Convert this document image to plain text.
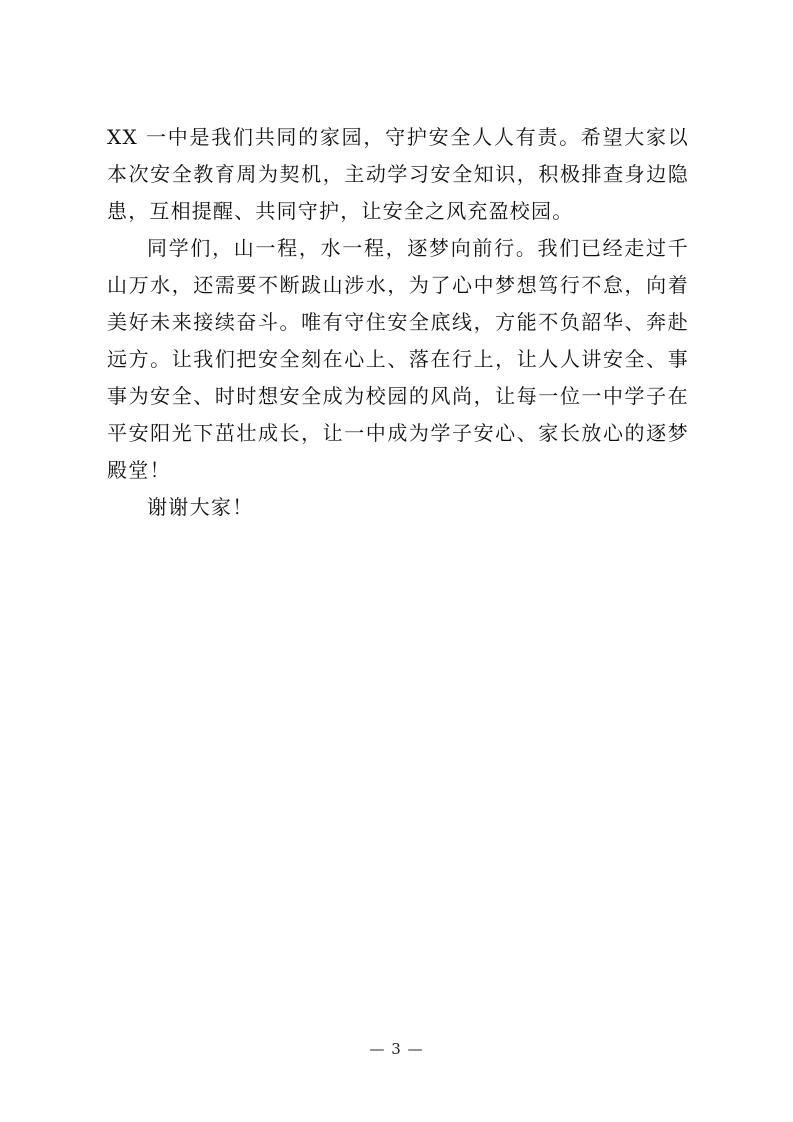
XX 一中是我们共同的家园，守护安全人人有责。希望大家以本次安全教育周为契机，主动学习安全知识，积极排查身边隐患，互相提醒、共同守护，让安全之风充盈校园。

同学们，山一程，水一程，逐梦向前行。我们已经走过千山万水，还需要不断跋山涉水，为了心中梦想笃行不怠，向着美好未来接续奋斗。唯有守住安全底线，方能不负韶华、奔赴远方。让我们把安全刻在心上、落在行上，让人人讲安全、事事为安全、时时想安全成为校园的风尚，让每一位一中学子在平安阳光下茁壮成长，让一中成为学子安心、家长放心的逐梦殿堂！

谢谢大家！

— 3 —
